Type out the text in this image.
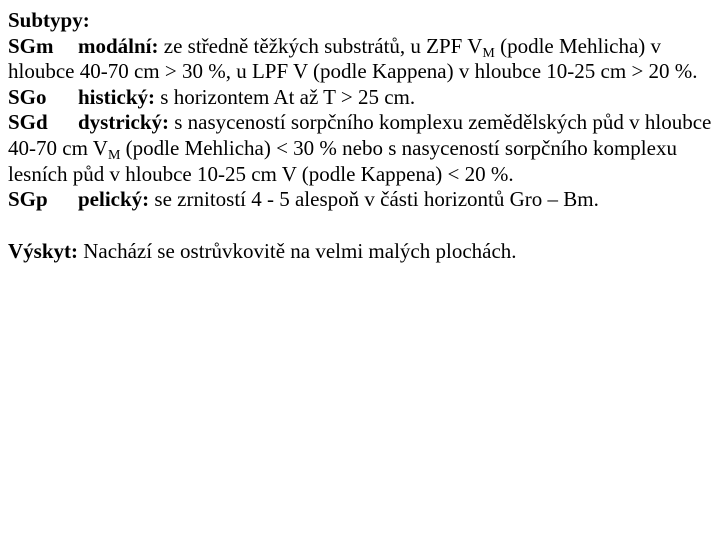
Subtypy:

SGm modální: ze středně těžkých substrátů, u ZPF $V_M$ (podle Mehlicha) v hloubce 40-70 cm > 30 %, u LPF V (podle Kappena) v hloubce 10-25 cm > 20 %.

SGo histický: s horizontem At až T > 25 cm.

SGd dystrický: s nasyceností sorpčního komplexu zemědělských půd v hloubce 40-70 cm $V_M$ (podle Mehlicha) < 30 % nebo s nasyceností sorpčního komplexu lesních půd v hloubce 10-25 cm V (podle Kappena) < 20 %.

SGp pelický: se zrnitostí 4 - 5 alespoň v části horizontů Gro – Bm.

Výskyt: Nachází se ostrůvkovitě na velmi malých plochách.
